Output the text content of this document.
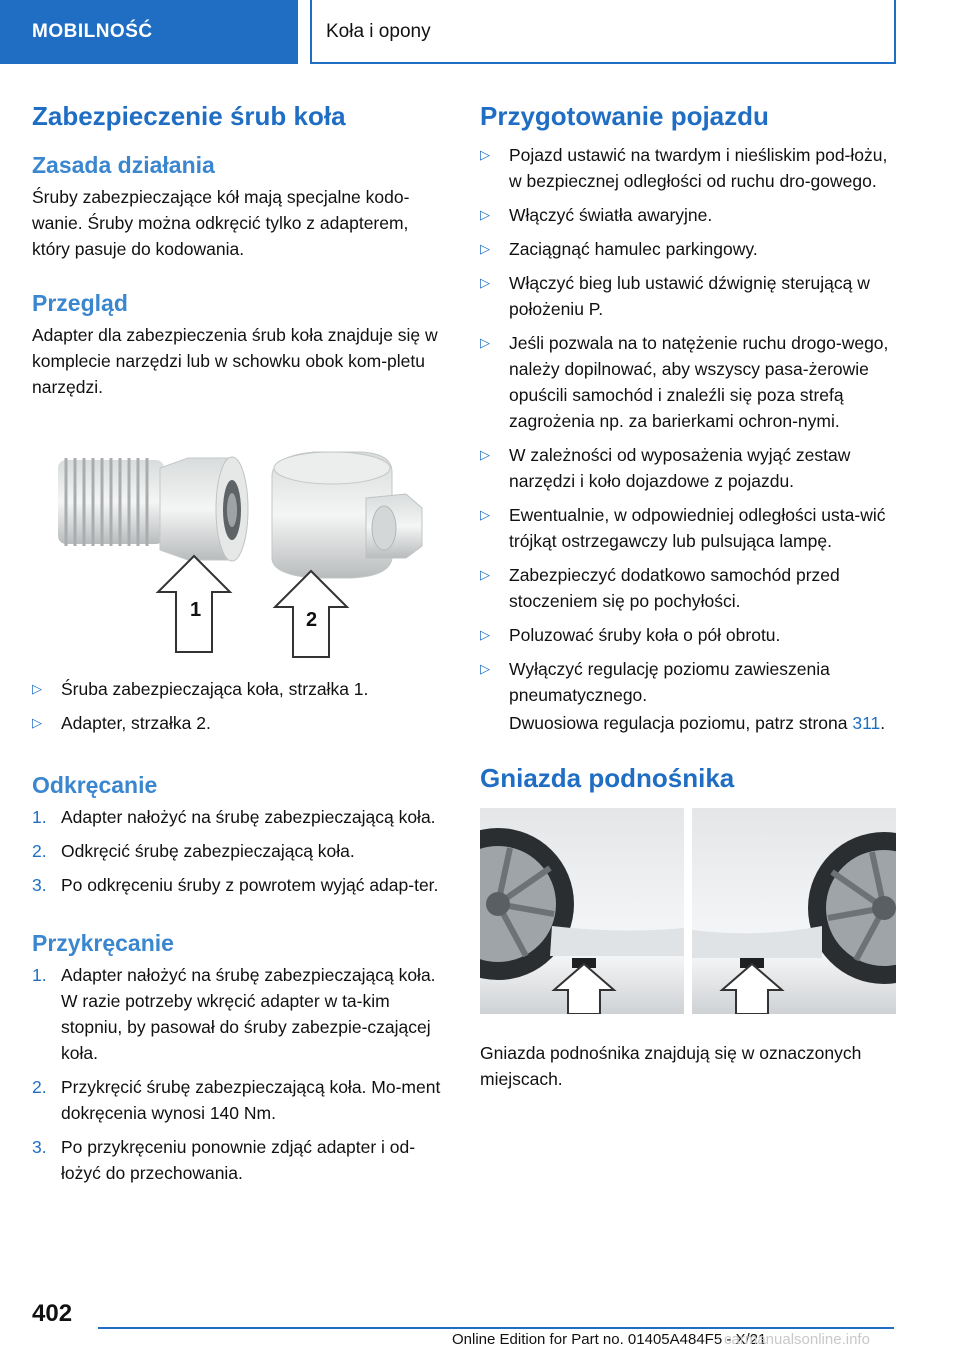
MOBILNOŚĆ	Koła i opony
Zabezpieczenie śrub koła
Zasada działania

Śruby zabezpieczające kół mają specjalne kodo-wanie. Śruby można odkręcić tylko z adapterem, który pasuje do kodowania.

Przegląd

Adapter dla zabezpieczenia śrub koła znajduje się w komplecie narzędzi lub w schowku obok kom-pletu narzędzi.

1	2
▷ Śruba zabezpieczająca koła, strzałka 1.
▷ Adapter, strzałka 2.
Odkręcanie
1. Adapter nałożyć na śrubę zabezpieczającą koła.
2. Odkręcić śrubę zabezpieczającą koła.
3. Po odkręceniu śruby z powrotem wyjąć adap-ter.
Przykręcanie
1. Adapter nałożyć na śrubę zabezpieczającą koła. W razie potrzeby wkręcić adapter w ta-kim stopniu, by pasował do śruby zabezpie-czającej koła.
2. Przykręcić śrubę zabezpieczającą koła. Mo-ment dokręcenia wynosi 140 Nm.
3. Po przykręceniu ponownie zdjąć adapter i od-łożyć do przechowania.
Przygotowanie pojazdu
▷ Pojazd ustawić na twardym i nieśliskim pod-łożu, w bezpiecznej odległości od ruchu dro-gowego.
▷ Włączyć światła awaryjne.
▷ Zaciągnąć hamulec parkingowy.
▷ Włączyć bieg lub ustawić dźwignię sterującą w położeniu P.
▷ Jeśli pozwala na to natężenie ruchu drogo-wego, należy dopilnować, aby wszyscy pasa-żerowie opuścili samochód i znaleźli się poza strefą zagrożenia np. za barierkami ochron-nymi.
▷ W zależności od wyposażenia wyjąć zestaw narzędzi i koło dojazdowe z pojazdu.
▷ Ewentualnie, w odpowiedniej odległości usta-wić trójkąt ostrzegawczy lub pulsująca lampę.
▷ Zabezpieczyć dodatkowo samochód przed stoczeniem się po pochyłości.
▷ Poluzować śruby koła o pół obrotu.
▷ Wyłączyć regulację poziomu zawieszenia pneumatycznego.
Dwuosiowa regulacja poziomu, patrz strona 311.
Gniazda podnośnika

Gniazda podnośnika znajdują się w oznaczonych miejscach.

402
Online Edition for Part no. 01405A484F5 - X/21
carmanualsonline.info
